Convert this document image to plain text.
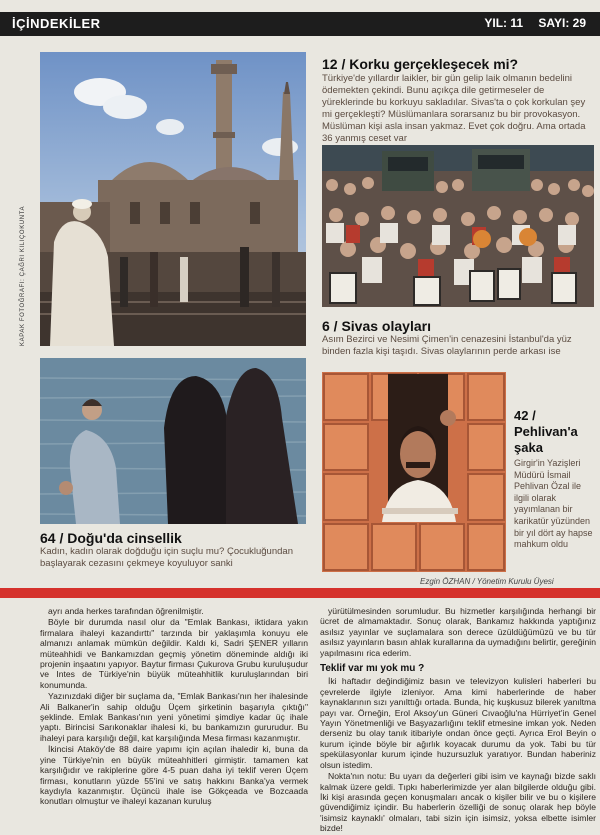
İÇİNDEKİLER	YIL: 11 SAYI: 29
KAPAK FOTOĞRAFI: ÇAĞRI KILIÇOKUNTA
12 / Korku gerçekleşecek mi?
Türkiye'de yıllardır laikler, bir gün gelip laik olmanın bedelini ödemekten çekindi. Bunu açıkça dile getirmeseler de yüreklerinde bu korkuyu sakladılar. Sivas'ta o çok korkulan şey mi gerçekleşti? Müslümanlara sorarsanız bu bir provokasyon. Müslüman kişi asla insan yakmaz. Evet çok doğru. Ama ortada 36 yanmış ceset var
6 / Sivas olayları
Asım Bezirci ve Nesimi Çimen'in cenazesini İstanbul'da yüz binden fazla kişi taşıdı. Sivas olaylarının perde arkası ise
64 / Doğu'da cinsellik
Kadın, kadın olarak doğduğu için suçlu mu? Çocukluğundan başlayarak cezasını çekmeye koyuluyor sanki
42 / Pehlivan'a şaka
Girgir'in Yazişleri Müdürü İsmail Pehlivan Özal ile ilgili olarak yayımlanan bir karikatür yüzünden bir yıl dört ay hapse mahkum oldu
Ezgin ÖZHAN / Yönetim Kurulu Üyesi

ayrı anda herkes tarafından öğrenilmiştir.

Böyle bir durumda nasıl olur da "Emlak Bankası, iktidara yakın firmalara ihaleyi kazandırttı" tarzında bir yaklaşımla konuyu ele almanızı anlamak mümkün değildir. Kaldı ki, Sadri ŞENER yılların müteahhidi ve Bankamızdan geçmiş yönetim döneminde aldığı iki projenin inşaatını yapıyor. Baytur firması Çukurova Grubu kuruluşudur ve Intes de Türkiye'nin büyük müteahhitlik kuruluşlarından biri konumunda.

Yazınızdaki diğer bir suçlama da, "Emlak Bankası'nın her ihalesinde Ali Balkaner'in sahip olduğu Üçem şirketinin başarıyla çıktığı" şeklinde. Emlak Bankası'nın yeni yönetimi şimdiye kadar üç ihale yaptı. Birincisi Sarıkonaklar ihalesi ki, bu bankamızın gururudur. Bu ihaleyi para karşılığı değil, kat karşılığında Mesa firması kazanmıştır.

İkincisi Ataköy'de 88 daire yapımı için açılan ihaledir ki, buna da yine Türkiye'nin en büyük müteahhitleri girmiştir. tamamen kat karşılığıdır ve rakiplerine göre 4-5 puan daha iyi teklif veren Üçem firması, konutların yüzde 55'ini ve satış hakkını Banka'ya vermek kaydıyla kazanmıştır. Üçüncü ihale ise Gökçeada ve Bozcaada konutları olmuştur ve ihaleyi kazanan kuruluş

yürütülmesinden sorumludur. Bu hizmetler karşılığında herhangi bir ücret de almamaktadır. Sonuç olarak, Bankamız hakkında yaptığınız asılsız yayınlar ve suçlamalara son derece üzüldüğümüzü ve bu tür asılsız yayınların basın ahlak kurallarına da uymadığını belirtir, gereğinin yapılmasını rica ederim.

Teklif var mı yok mu ?

İki haftadır değindiğimiz basın ve televizyon kulisleri haberleri bu çevrelerde ilgiyle izleniyor. Ama kimi haberlerinde de haber kaynaklarının sızı yanılttığı ortada. Bunda, hiç kuşkusuz bilerek yanıltma payı var. Örneğin, Erol Aksoy'un Güneri Cıvaoğlu'na Hürriyet'in Genel Yayın Yönetmenliği ve Başyazarlığını teklif etmesine imkan yok. Neden derseniz bu olay tanık itibariyle ondan önce geçti. Ayrıca Erol Beyin o kurum içinde böyle bir ağırlık koyacak durumu da yok. Tabi bu tür spekülasyonlar kurum içinde huzursuzluk yaratıyor. Bundan haberiniz olsun istedim.

Nokta'nın notu: Bu uyarı da değerleri gibi isim ve kaynağı bizde saklı kalmak üzere geldi. Tıpkı haberlerimizde yer alan bilgilerde olduğu gibi. İki kişi arasında geçen konuşmaları ancak o kişiler bilir ve bu o kişilere güvendiğimiz içindir. Bu haberlerin özelliği de sonuç olarak hep böyle 'isimsiz kaynaklı' olmaları, tabi sizin için isimsiz, yoksa elbette isimler bizde!
